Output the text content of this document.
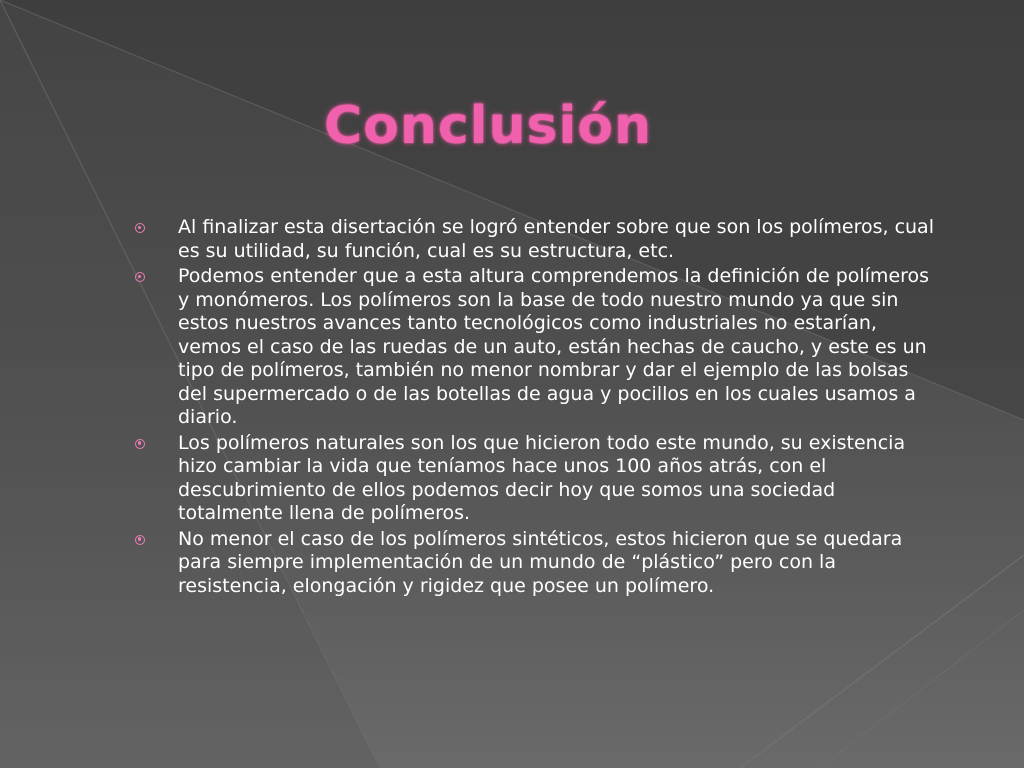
Conclusión
Al finalizar esta disertación se logró entender sobre que son los polímeros, cual es su utilidad, su función, cual es su estructura, etc.
Podemos entender que a esta altura comprendemos la definición de polímeros y monómeros. Los polímeros son la base de todo nuestro mundo ya que sin estos nuestros avances tanto tecnológicos como industriales no estarían, vemos el caso de las ruedas de un auto, están hechas de caucho, y este es un tipo de polímeros, también no menor nombrar y dar el ejemplo de las bolsas del supermercado o de las botellas de agua y pocillos en los cuales usamos a diario.
Los polímeros naturales son los que hicieron todo este mundo, su existencia hizo cambiar la vida que teníamos hace unos 100 años atrás, con el descubrimiento de ellos podemos decir hoy que somos una sociedad totalmente llena de polímeros.
No menor el caso de los polímeros sintéticos, estos hicieron que se quedara para siempre implementación de un mundo de “plástico” pero con la resistencia, elongación y rigidez que posee un polímero.
